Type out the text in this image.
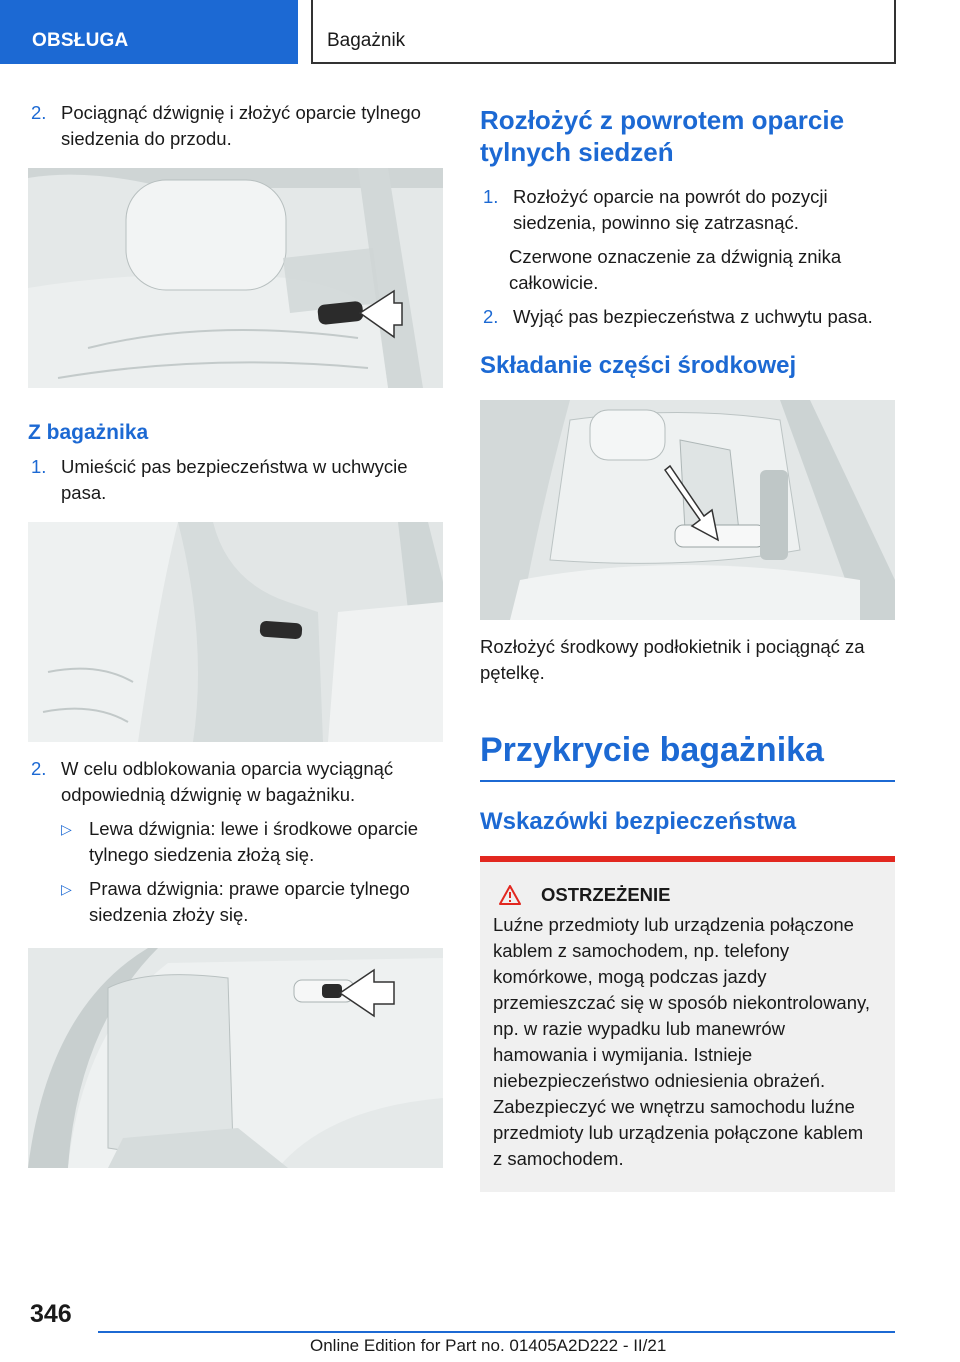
OBSŁUGA	Bagażnik
2. Pociągnąć dźwignię i złożyć oparcie tylnego siedzenia do przodu.
Z bagażnika
1. Umieścić pas bezpieczeństwa w uchwycie pasa.
2. W celu odblokowania oparcia wyciągnąć odpowiednią dźwignię w bagażniku.
▷ Lewa dźwignia: lewe i środkowe oparcie tylnego siedzenia złożą się.
▷ Prawa dźwignia: prawe oparcie tylnego siedzenia złoży się.
Rozłożyć z powrotem oparcie tylnych siedzeń
1. Rozłożyć oparcie na powrót do pozycji siedzenia, powinno się zatrzasnąć.
Czerwone oznaczenie za dźwignią znika całkowicie.
2. Wyjąć pas bezpieczeństwa z uchwytu pasa.
Składanie części środkowej
Rozłożyć środkowy podłokietnik i pociągnąć za pętelkę.
Przykrycie bagażnika
Wskazówki bezpieczeństwa
OSTRZEŻENIE
Luźne przedmioty lub urządzenia połączone kablem z samochodem, np. telefony komórkowe, mogą podczas jazdy przemieszczać się w sposób niekontrolowany, np. w razie wypadku lub manewrów hamowania i wymijania. Istnieje niebezpieczeństwo odniesienia obrażeń. Zabezpieczyć we wnętrzu samochodu luźne przedmioty lub urządzenia połączone kablem z samochodem.
346
Online Edition for Part no. 01405A2D222 - II/21
